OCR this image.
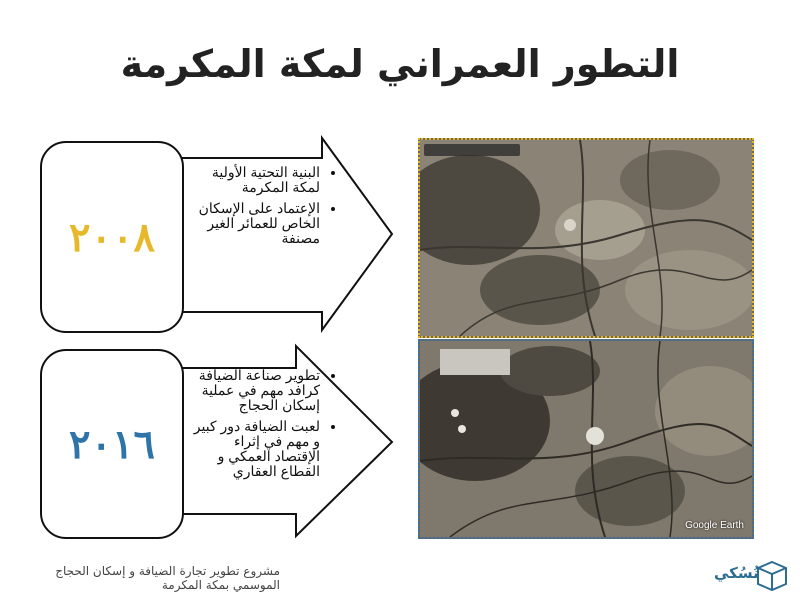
التطور العمراني لمكة المكرمة
٢٠٠٨
٢٠١٦
• البنية التحتية الأولية لمكة المكرمة
• الإعتماد على الإسكان الخاص للعمائر الغير مصنفة
• تطوير صناعة الضيافة كرافد مهم في عملية إسكان الحجاج
• لعبت الضيافة دور كبير و مهم في إثراء الإقتصاد العمكي و القطاع العقاري
Google Earth
مشروع تطوير تجارة الضيافة و إسكان الحجاج الموسمي بمكة المكرمة
نُسُكي
